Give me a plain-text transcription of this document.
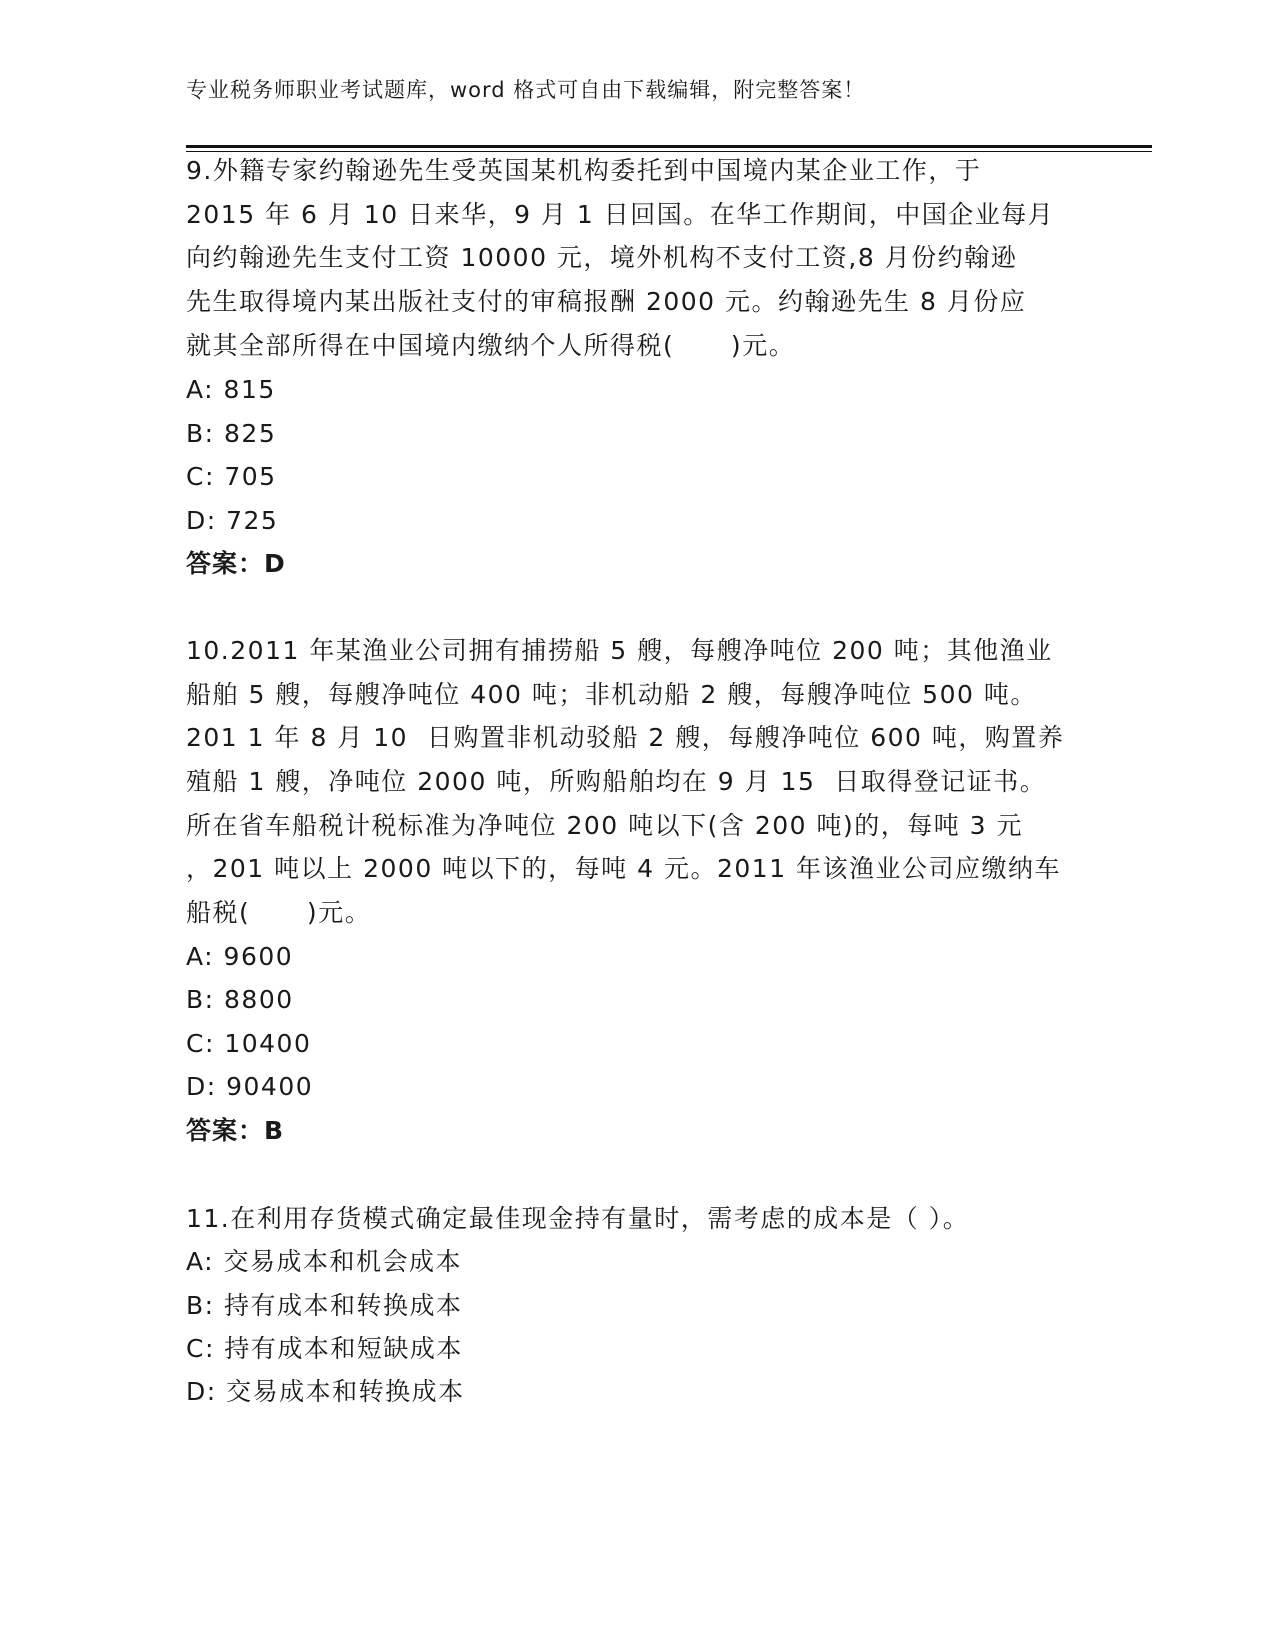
专业税务师职业考试题库，word 格式可自由下载编辑，附完整答案！
9.外籍专家约翰逊先生受英国某机构委托到中国境内某企业工作，于
2015 年 6 月 10 日来华，9 月 1 日回国。在华工作期间，中国企业每月
向约翰逊先生支付工资 10000 元，境外机构不支付工资,8 月份约翰逊
先生取得境内某出版社支付的审稿报酬 2000 元。约翰逊先生 8 月份应
就其全部所得在中国境内缴纳个人所得税(      )元。
A: 815
B: 825
C: 705
D: 725
答案：D
10.2011 年某渔业公司拥有捕捞船 5 艘，每艘净吨位 200 吨；其他渔业
船舶 5 艘，每艘净吨位 400 吨；非机动船 2 艘，每艘净吨位 500 吨。
201 1 年 8 月 10  日购置非机动驳船 2 艘，每艘净吨位 600 吨，购置养
殖船 1 艘，净吨位 2000 吨，所购船舶均在 9 月 15  日取得登记证书。
所在省车船税计税标准为净吨位 200 吨以下(含 200 吨)的，每吨 3 元
，201 吨以上 2000 吨以下的，每吨 4 元。2011 年该渔业公司应缴纳车
船税(      )元。
A: 9600
B: 8800
C: 10400
D: 90400
答案：B
11.在利用存货模式确定最佳现金持有量时，需考虑的成本是（ ）。
A: 交易成本和机会成本
B: 持有成本和转换成本
C: 持有成本和短缺成本
D: 交易成本和转换成本
